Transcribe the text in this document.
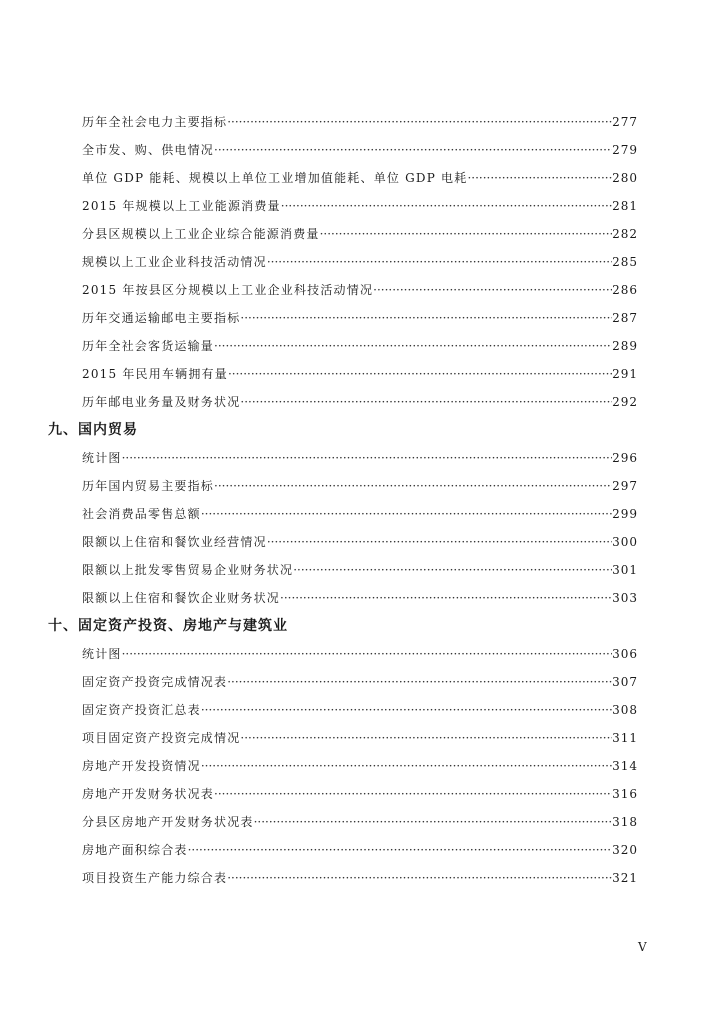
历年全社会电力主要指标 ·····	277
全市发、购、供电情况 ·····	279
单位 GDP 能耗、规模以上单位工业增加值能耗、单位 GDP 电耗 ·····	280
2015 年规模以上工业能源消费量 ·····	281
分县区规模以上工业企业综合能源消费量 ·····	282
规模以上工业企业科技活动情况 ·····	285
2015 年按县区分规模以上工业企业科技活动情况 ·····	286
历年交通运输邮电主要指标 ·····	287
历年全社会客货运输量 ·····	289
2015 年民用车辆拥有量 ·····	291
历年邮电业务量及财务状况 ·····	292
九、国内贸易
统计图 ·····	296
历年国内贸易主要指标 ·····	297
社会消费品零售总额 ·····	299
限额以上住宿和餐饮业经营情况 ·····	300
限额以上批发零售贸易企业财务状况 ·····	301
限额以上住宿和餐饮企业财务状况 ·····	303
十、固定资产投资、房地产与建筑业
统计图 ·····	306
固定资产投资完成情况表 ·····	307
固定资产投资汇总表 ·····	308
项目固定资产投资完成情况 ·····	311
房地产开发投资情况 ·····	314
房地产开发财务状况表 ·····	316
分县区房地产开发财务状况表 ·····	318
房地产面积综合表 ·····	320
项目投资生产能力综合表 ·····	321
V
